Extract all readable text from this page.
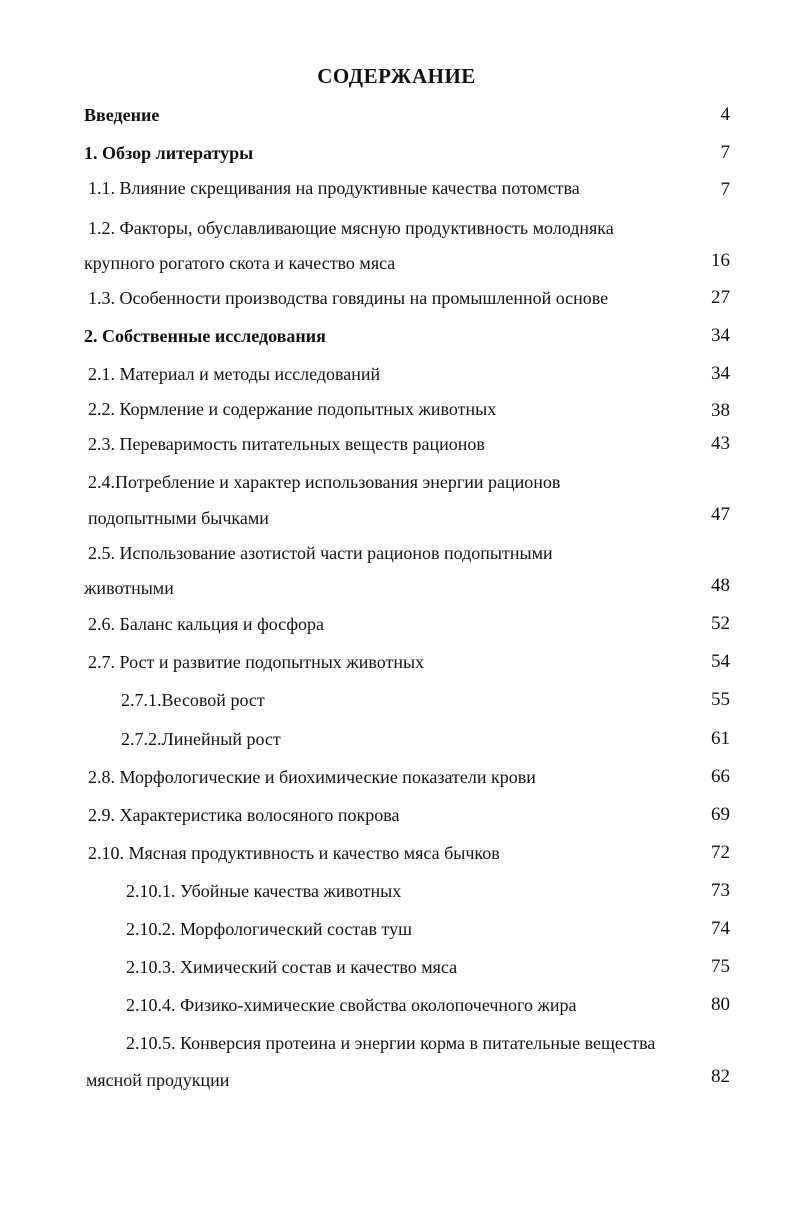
СОДЕРЖАНИЕ
Введение	4
1. Обзор литературы	7
1.1. Влияние скрещивания на продуктивные качества потомства	7
1.2. Факторы, обуславливающие мясную продуктивность молодняка
крупного рогатого скота и качество мяса	16
1.3. Особенности производства говядины на промышленной основе	27
2. Собственные исследования	34
2.1. Материал и методы исследований	34
2.2. Кормление и содержание подопытных животных	38
2.3. Переваримость питательных веществ рационов	43
2.4.Потребление и характер использования энергии рационов
подопытными бычками	47
2.5. Использование азотистой части рационов подопытными
животными	48
2.6. Баланс кальция и фосфора	52
2.7. Рост и развитие подопытных животных	54
2.7.1.Весовой рост	55
2.7.2.Линейный рост	61
2.8. Морфологические и биохимические показатели крови	66
2.9. Характеристика волосяного покрова	69
2.10. Мясная продуктивность и качество мяса бычков	72
2.10.1. Убойные качества животных	73
2.10.2. Морфологический состав туш	74
2.10.3. Химический состав и качество мяса	75
2.10.4. Физико-химические свойства околопочечного жира	80
2.10.5. Конверсия протеина и энергии корма в питательные вещества
мясной продукции	82
